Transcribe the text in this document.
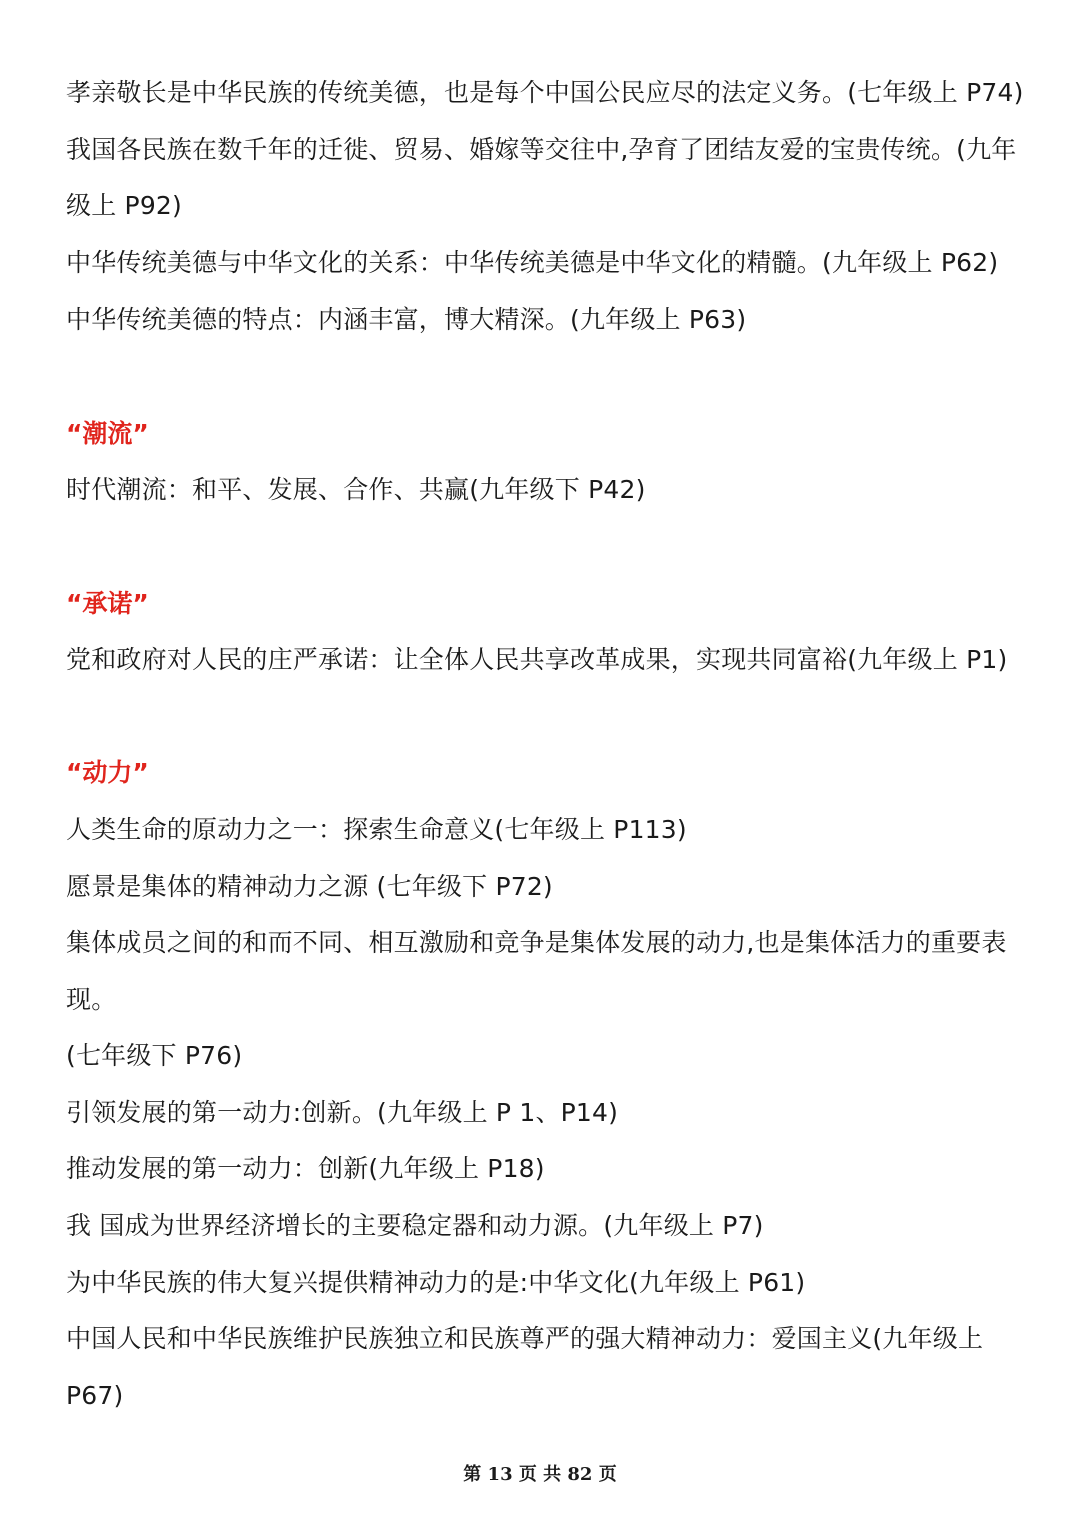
孝亲敬长是中华民族的传统美德，也是每个中国公民应尽的法定义务。(七年级上 P74)
我国各民族在数千年的迁徙、贸易、婚嫁等交往中,孕育了团结友爱的宝贵传统。(九年
级上 P92)
中华传统美德与中华文化的关系：中华传统美德是中华文化的精髓。(九年级上 P62)
中华传统美德的特点：内涵丰富，博大精深。(九年级上 P63)
“潮流”
时代潮流：和平、发展、合作、共赢(九年级下 P42)
“承诺”
党和政府对人民的庄严承诺：让全体人民共享改革成果，实现共同富裕(九年级上 P1)
“动力”
人类生命的原动力之一：探索生命意义(七年级上 P113)
愿景是集体的精神动力之源 (七年级下 P72)
集体成员之间的和而不同、相互激励和竞争是集体发展的动力,也是集体活力的重要表
现。
(七年级下 P76)
引领发展的第一动力:创新。(九年级上 P 1、P14)
推动发展的第一动力：创新(九年级上 P18)
我 国成为世界经济增长的主要稳定器和动力源。(九年级上 P7)
为中华民族的伟大复兴提供精神动力的是:中华文化(九年级上 P61)
中国人民和中华民族维护民族独立和民族尊严的强大精神动力：爱国主义(九年级上
P67)
第 13 页 共 82 页
